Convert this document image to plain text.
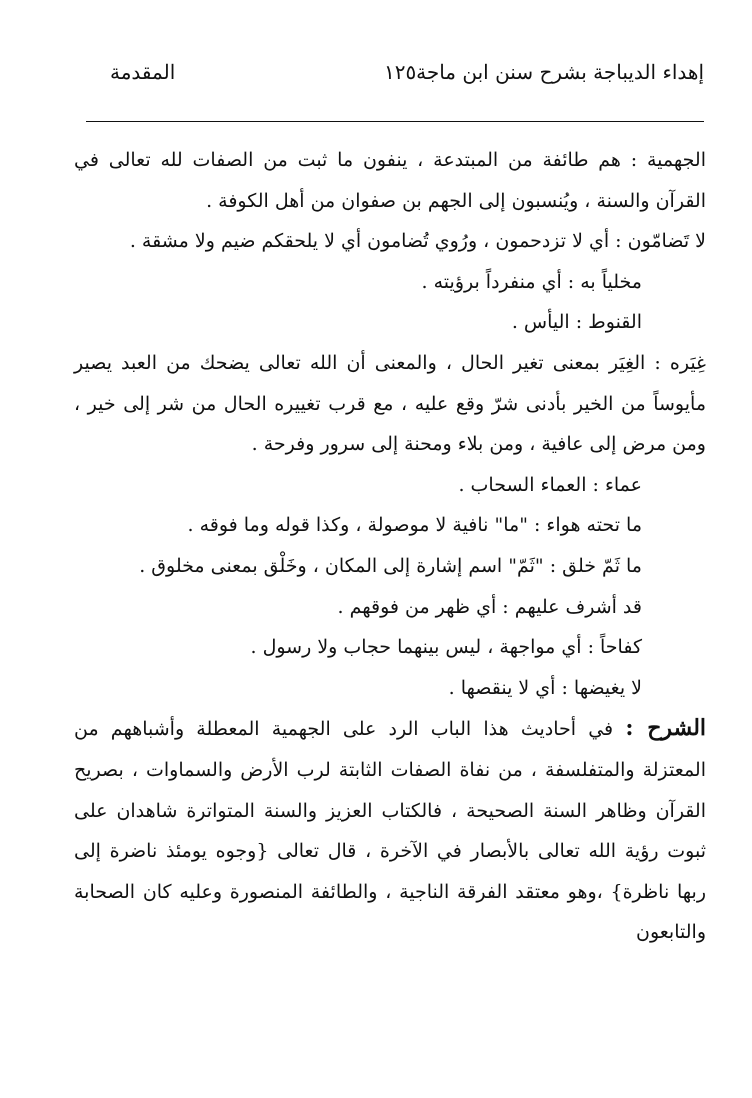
إهداء الديباجة بشرح سنن ابن ماجة
١٢٥
المقدمة

الجهمية : هم طائفة من المبتدعة ، ينفون ما ثبت من الصفات لله تعالى في القرآن والسنة ، ويُنسبون إلى الجهم بن صفوان من أهل الكوفة .

لا تَضامّون : أي لا تزدحمون ، ورُوي تُضامون أي لا يلحقكم ضيم ولا مشقة .

مخلياً به : أي منفرداً برؤيته .

القنوط : اليأس .

غِيَره : الغِيَر بمعنى تغير الحال ، والمعنى أن الله تعالى يضحك من العبد يصير مأيوساً من الخير بأدنى شرّ وقع عليه ، مع قرب تغييره الحال من شر إلى خير ، ومن مرض إلى عافية ، ومن بلاء ومحنة إلى سرور وفرحة .

عماء : العماء السحاب .

ما تحته هواء : "ما" نافية لا موصولة ، وكذا قوله وما فوقه .

ما ثَمّ خلق : "ثَمّ" اسم إشارة إلى المكان ، وخَلْق بمعنى مخلوق .

قد أشرف عليهم : أي ظهر من فوقهم .

كفاحاً : أي مواجهة ، ليس بينهما حجاب ولا رسول .

لا يغيضها : أي لا ينقصها .

الشرح : في أحاديث هذا الباب الرد على الجهمية المعطلة وأشباههم من المعتزلة والمتفلسفة ، من نفاة الصفات الثابتة لرب الأرض والسماوات ، بصريح القرآن وظاهر السنة الصحيحة ، فالكتاب العزيز والسنة المتواترة شاهدان على ثبوت رؤية الله تعالى بالأبصار في الآخرة ، قال تعالى {وجوه يومئذ ناضرة إلى ربها ناظرة} ،وهو معتقد الفرقة الناجية ، والطائفة المنصورة وعليه كان الصحابة والتابعون
